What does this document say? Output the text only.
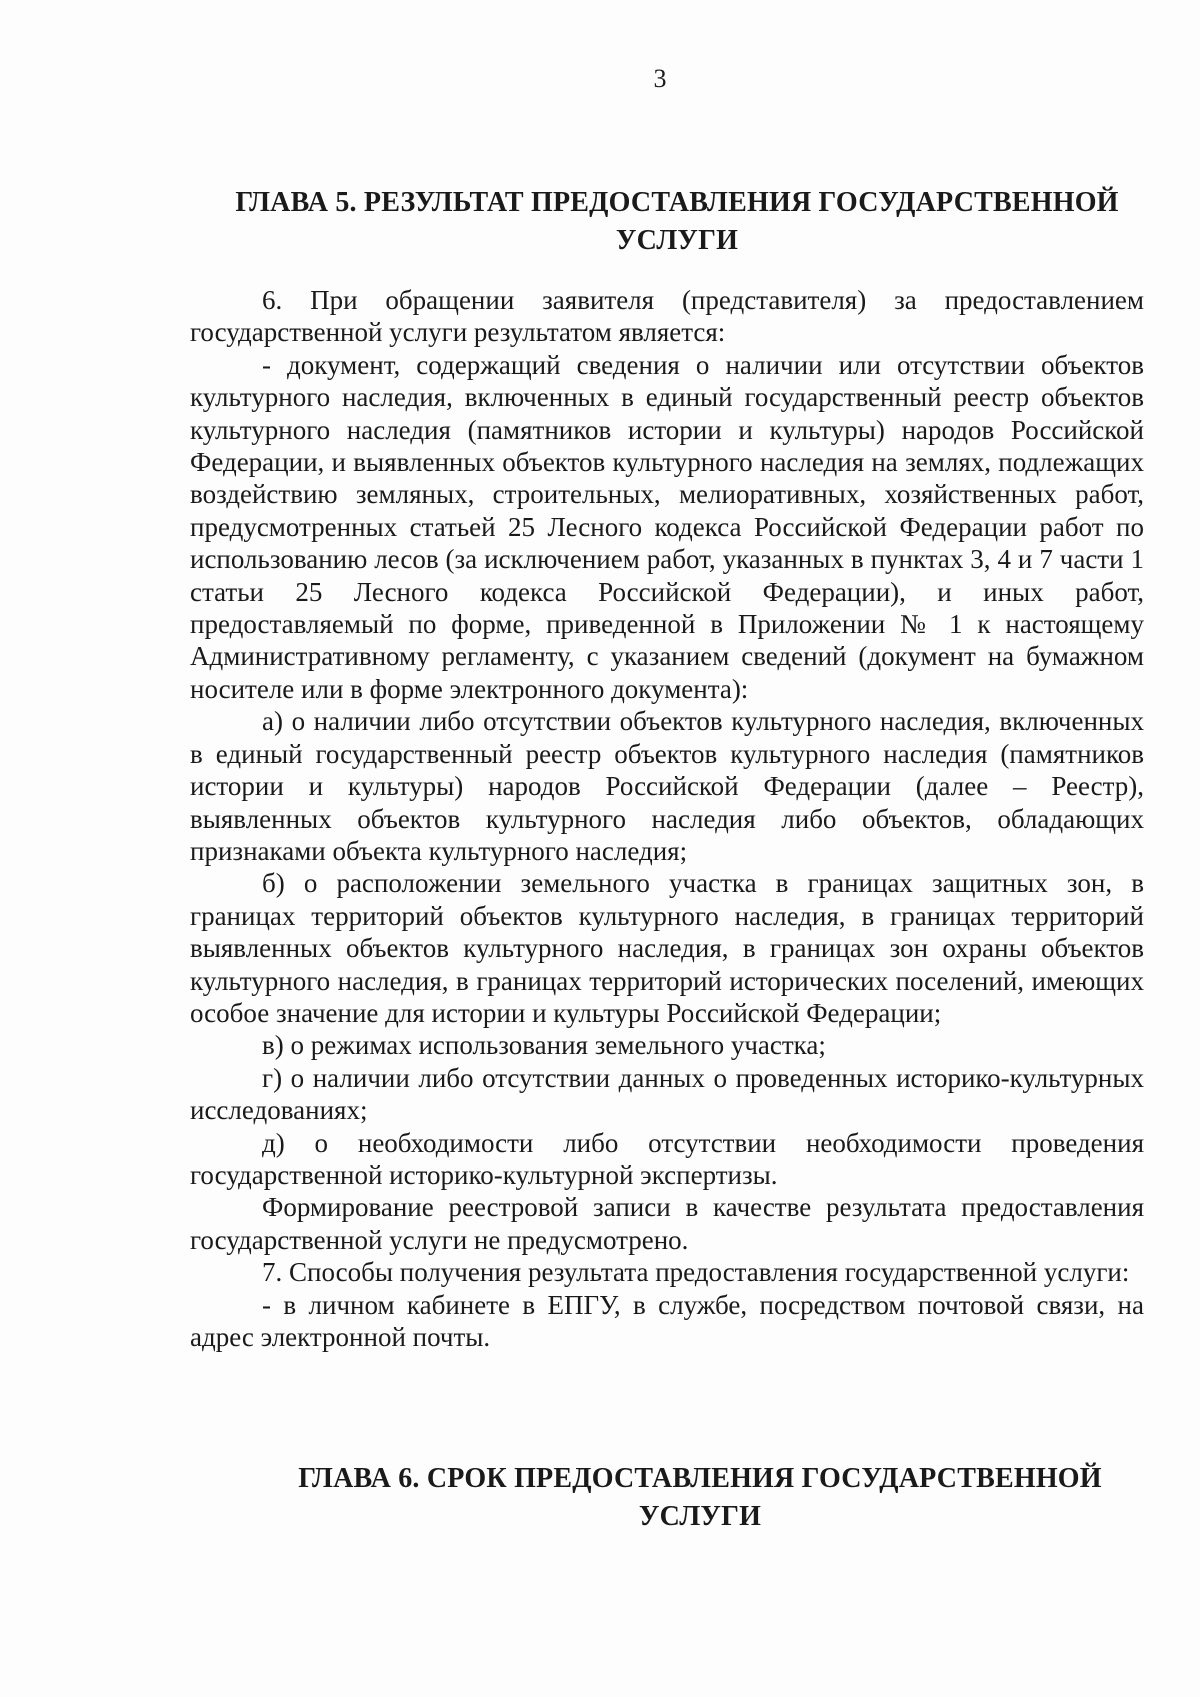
3
ГЛАВА 5. РЕЗУЛЬТАТ ПРЕДОСТАВЛЕНИЯ ГОСУДАРСТВЕННОЙ
УСЛУГИ

6. При обращении заявителя (представителя) за предоставлением государственной услуги результатом является:

- документ, содержащий сведения о наличии или отсутствии объектов культурного наследия, включенных в единый государственный реестр объектов культурного наследия (памятников истории и культуры) народов Российской Федерации, и выявленных объектов культурного наследия на землях, подлежащих воздействию земляных, строительных, мелиоративных, хозяйственных работ, предусмотренных статьей 25 Лесного кодекса Российской Федерации работ по использованию лесов (за исключением работ, указанных в пунктах 3, 4 и 7 части 1 статьи 25 Лесного кодекса Российской Федерации), и иных работ, предоставляемый по форме, приведенной в Приложении № 1 к настоящему Административному регламенту, с указанием сведений (документ на бумажном носителе или в форме электронного документа):

а) о наличии либо отсутствии объектов культурного наследия, включенных в единый государственный реестр объектов культурного наследия (памятников истории и культуры) народов Российской Федерации (далее – Реестр), выявленных объектов культурного наследия либо объектов, обладающих признаками объекта культурного наследия;

б) о расположении земельного участка в границах защитных зон, в границах территорий объектов культурного наследия, в границах территорий выявленных объектов культурного наследия, в границах зон охраны объектов культурного наследия, в границах территорий исторических поселений, имеющих особое значение для истории и культуры Российской Федерации;

в) о режимах использования земельного участка;

г) о наличии либо отсутствии данных о проведенных историко-культурных исследованиях;

д) о необходимости либо отсутствии необходимости проведения государственной историко-культурной экспертизы.

Формирование реестровой записи в качестве результата предоставления государственной услуги не предусмотрено.

7. Способы получения результата предоставления государственной услуги:

- в личном кабинете в ЕПГУ, в службе, посредством почтовой связи, на адрес электронной почты.

ГЛАВА 6. СРОК ПРЕДОСТАВЛЕНИЯ ГОСУДАРСТВЕННОЙ
УСЛУГИ
